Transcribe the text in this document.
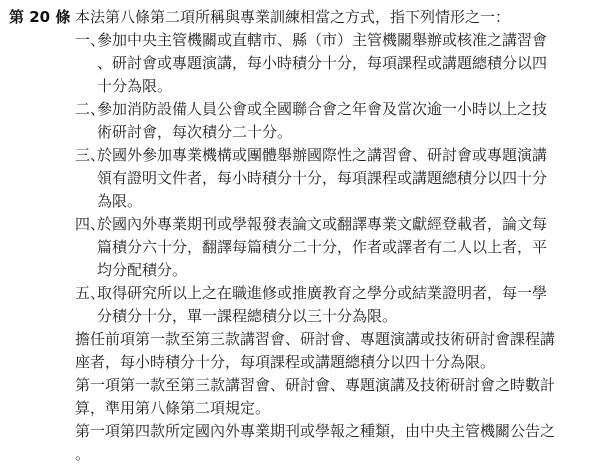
第 20 條 本法第八條第二項所稱與專業訓練相當之方式，指下列情形之一：
一、
參加中央主管機關或直轄市、縣（市）主管機關舉辦或核准之講習會
、研討會或專題演講，每小時積分十分，每項課程或講題總積分以四
十分為限。
二、
參加消防設備人員公會或全國聯合會之年會及當次逾一小時以上之技
術研討會，每次積分二十分。
三、
於國外參加專業機構或團體舉辦國際性之講習會、研討會或專題演講
領有證明文件者，每小時積分十分，每項課程或講題總積分以四十分
為限。
四、
於國內外專業期刊或學報發表論文或翻譯專業文獻經登載者，論文每
篇積分六十分，翻譯每篇積分二十分，作者或譯者有二人以上者，平
均分配積分。
五、
取得研究所以上之在職進修或推廣教育之學分或結業證明者，每一學
分積分十分，單一課程總積分以三十分為限。
擔任前項第一款至第三款講習會、研討會、專題演講或技術研討會課程講
座者，每小時積分十分，每項課程或講題總積分以四十分為限。
第一項第一款至第三款講習會、研討會、專題演講及技術研討會之時數計
算，準用第八條第二項規定。
第一項第四款所定國內外專業期刊或學報之種類，由中央主管機關公告之
。
